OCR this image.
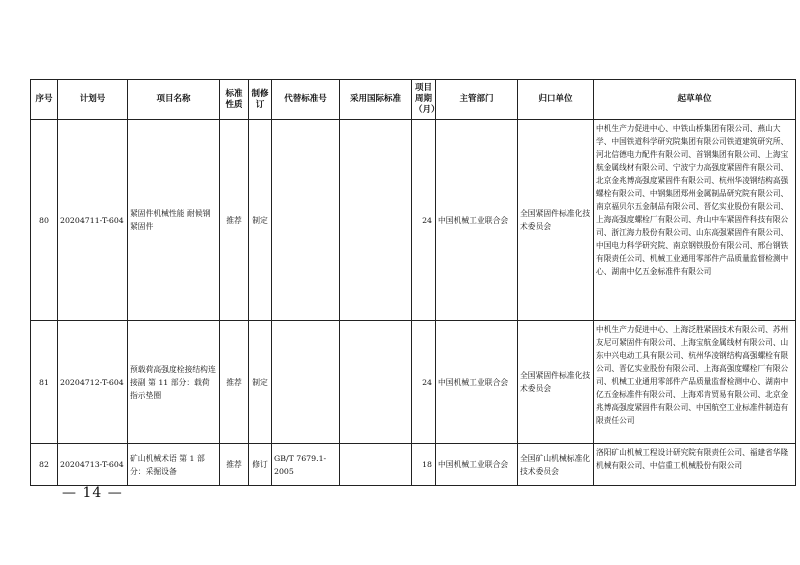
序号	计划号	项目名称	标准性质	制修订	代替标准号	采用国际标准	项目周期（月）	主管部门	归口单位	起草单位
80	20204711-T-604	紧固件机械性能 耐候钢紧固件	推荐	制定			24	中国机械工业联合会	全国紧固件标准化技术委员会	中机生产力促进中心、中铁山桥集团有限公司、燕山大学、中国铁道科学研究院集团有限公司铁道建筑研究所、河北信德电力配件有限公司、首钢集团有限公司、上海宝航金属线材有限公司、宁波宁力高强度紧固件有限公司、北京金兆博高强度紧固件有限公司、杭州华凌钢结构高强螺栓有限公司、中钢集团郑州金属制品研究院有限公司、南京福贝尔五金制品有限公司、晋亿实业股份有限公司、上海高强度螺栓厂有限公司、舟山中车紧固件科技有限公司、浙江海力股份有限公司、山东高强紧固件有限公司、中国电力科学研究院、南京钢铁股份有限公司、邢台钢铁有限责任公司、机械工业通用零部件产品质量监督检测中心、湖南中亿五金标准件有限公司
81	20204712-T-604	预载荷高强度栓接结构连接副 第 11 部分：载荷指示垫圈	推荐	制定			24	中国机械工业联合会	全国紧固件标准化技术委员会	中机生产力促进中心、上海泛胜紧固技术有限公司、苏州友尼可紧固件有限公司、上海宝航金属线材有限公司、山东中兴电动工具有限公司、杭州华凌钢结构高强螺栓有限公司、晋亿实业股份有限公司、上海高强度螺栓厂有限公司、机械工业通用零部件产品质量监督检测中心、湖南中亿五金标准件有限公司、上海邓肯贸易有限公司、北京金兆博高强度紧固件有限公司、中国航空工业标准件制造有限责任公司
82	20204713-T-604	矿山机械术语 第 1 部分：采掘设备	推荐	修订	GB/T 7679.1-2005		18	中国机械工业联合会	全国矿山机械标准化技术委员会	洛阳矿山机械工程设计研究院有限责任公司、福建省华隆机械有限公司、中信重工机械股份有限公司
— 14 —
